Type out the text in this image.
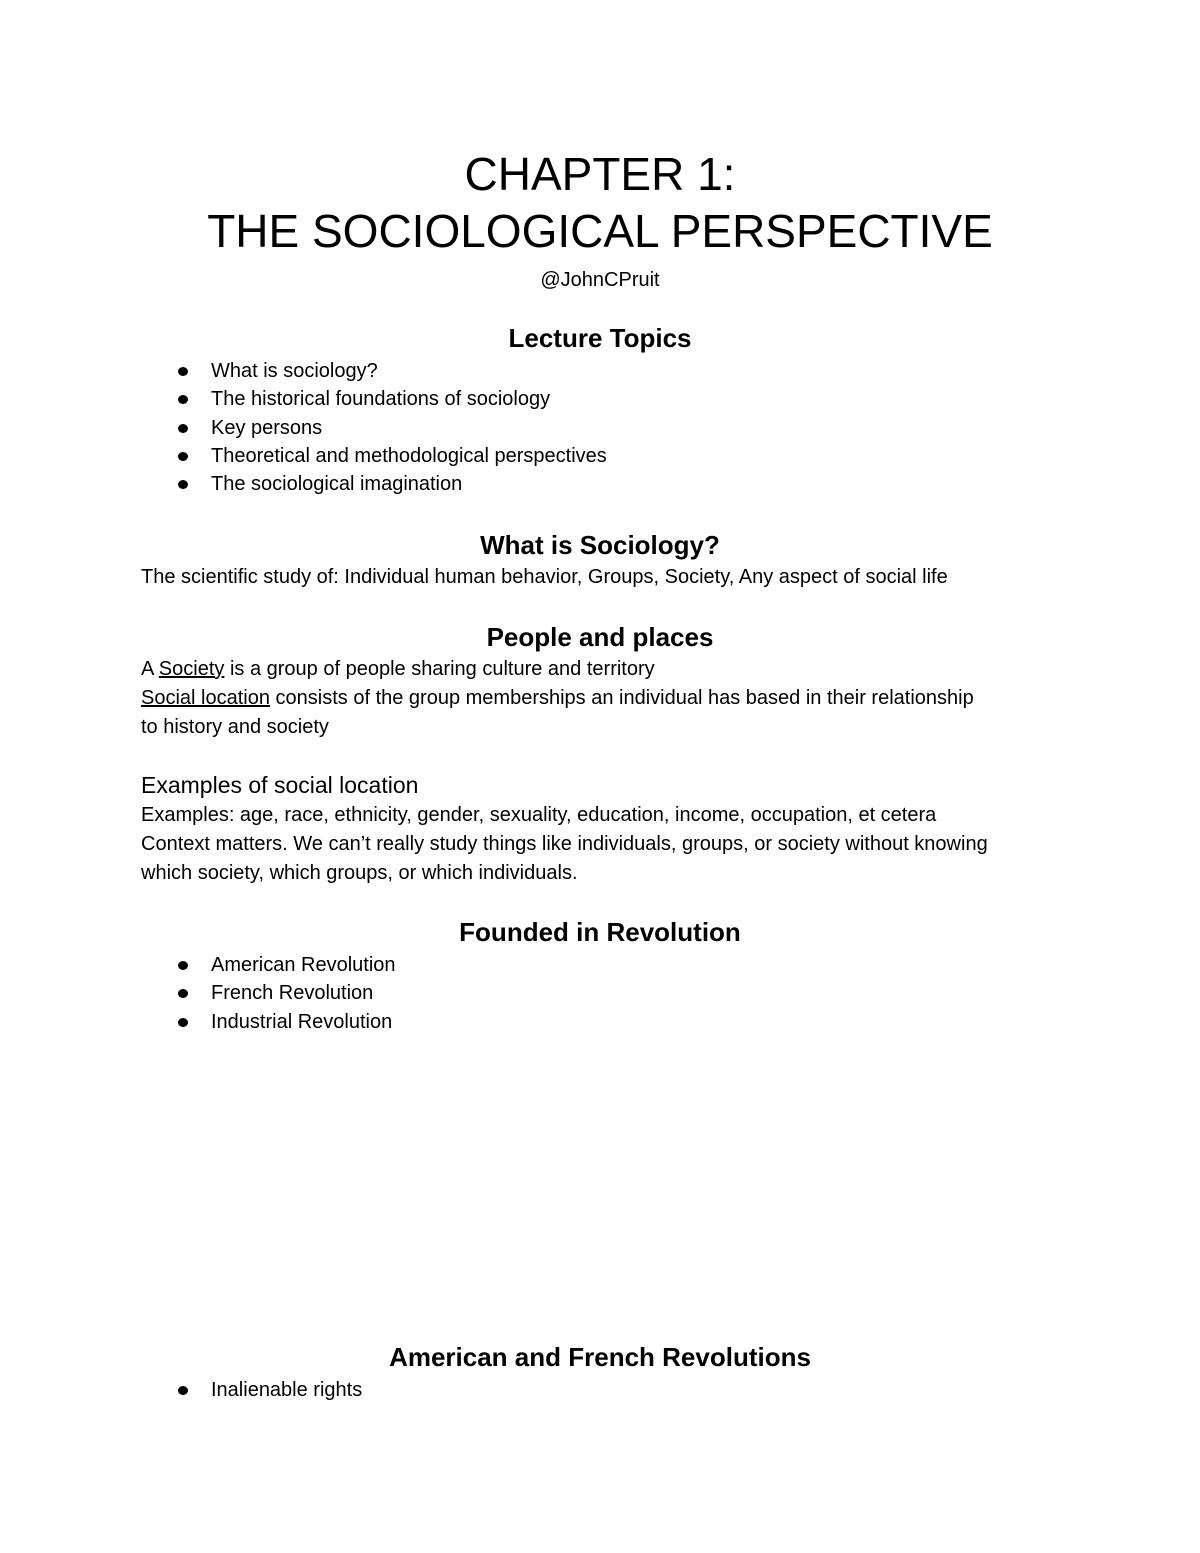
CHAPTER 1:
THE SOCIOLOGICAL PERSPECTIVE
@JohnCPruit
Lecture Topics
What is sociology?
The historical foundations of sociology
Key persons
Theoretical and methodological perspectives
The sociological imagination
What is Sociology?
The scientific study of: Individual human behavior, Groups, Society, Any aspect of social life
People and places
A Society is a group of people sharing culture and territory
Social location consists of the group memberships an individual has based in their relationship
to history and society
Examples of social location
Examples: age, race, ethnicity, gender, sexuality, education, income, occupation, et cetera
Context matters. We can’t really study things like individuals, groups, or society without knowing
which society, which groups, or which individuals.
Founded in Revolution
American Revolution
French Revolution
Industrial Revolution
American and French Revolutions
Inalienable rights
